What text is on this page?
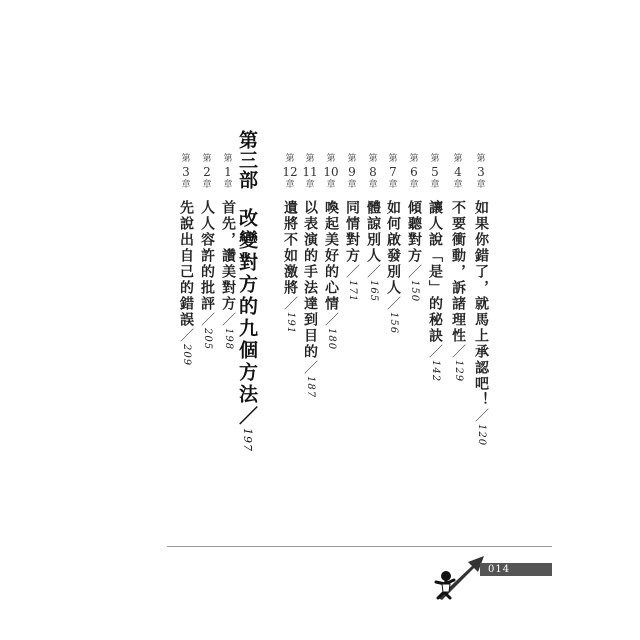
第
3
章
如果你錯了，就馬上承認吧！／120
第
4
章
不要衝動，訴諸理性／129
第
5
章
讓人說「是」的秘訣／142
第
6
章
傾聽對方／150
第
7
章
如何啟發別人／156
第
8
章
體諒別人／165
第
9
章
同情對方／171
第
10
章
喚起美好的心情／180
第
11
章
以表演的手法達到目的／187
第
12
章
遺將不如激將／191
第三部
改變對方的九個方法／197
第
1
章
首先，讚美對方／198
第
2
章
人人容許的批評／205
第
3
章
先說出自己的錯誤／209
014
